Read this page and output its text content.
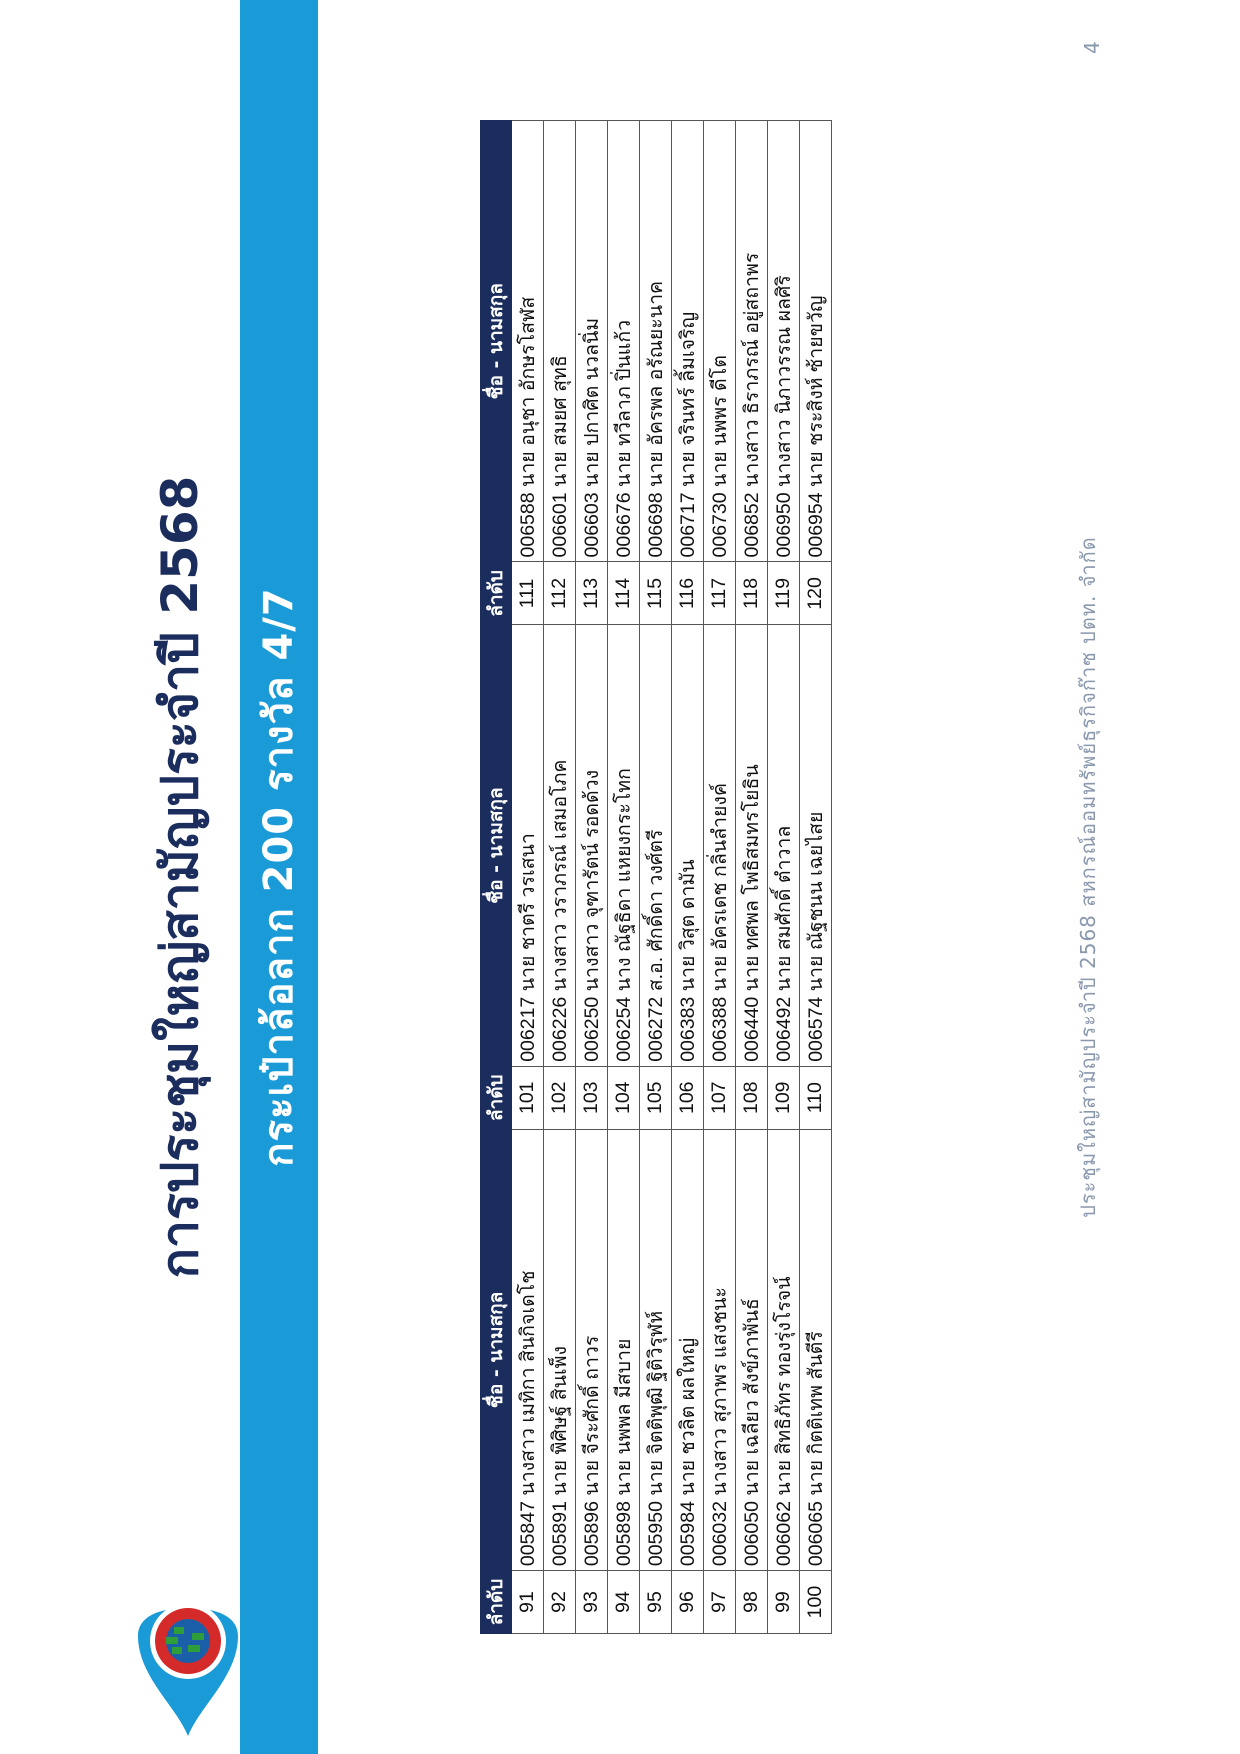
การประชุมใหญ่สามัญประจำปี 2568 กระเป๋าล้อลาก 200 รางวัล 4/7
ลำดับ	ชื่อ - นามสกุล	ลำดับ	ชื่อ - นามสกุล	ลำดับ	ชื่อ - นามสกุล
91	005847 นางสาว เมทิกา สินกิจเดโช	101	006217 นาย ชาตรี วรเสนา	111	006588 นาย อนุชา อักษรโสฬส
92	005891 นาย พิศิษฐ์ สินเพ็ง	102	006226 นางสาว วราภรณ์ เสมอโภค	112	006601 นาย สมยศ สุทธิ
93	005896 นาย จีระศักดิ์ ถาวร	103	006250 นางสาว จุฑารัตน์ รอดด้วง	113	006603 นาย ปกาศิต นวลนิ่ม
94	005898 นาย นพพล มีสบาย	104	006254 นาง ณัฐธิดา แหยงกระโทก	114	006676 นาย ทวีลาภ ปิ่นแก้ว
95	005950 นาย จิตติพุฒิ ฐิติวิรุฬห์	105	006272 ส.อ. ศักดิ์ดา วงศ์ตรี	115	006698 นาย อัครพล อรัณยะนาค
96	005984 นาย ชวลิต ผลใหญ่	106	006383 นาย วิสุต ดามัน	116	006717 นาย จรินทร์ ลิ้มเจริญ
97	006032 นางสาว สุภาพร แสงชนะ	107	006388 นาย อัครเดช กลิ่นลำยงค์	117	006730 นาย นพพร ดีโต
98	006050 นาย เฉลียว สังข์ภาพันธ์	108	006440 นาย ทศพล โพธิสมทรโยธิน	118	006852 นางสาว ธิราภรณ์ อยู่สถาพร
99	006062 นาย สิทธิภัทร ทองรุ่งโรจน์	109	006492 นาย สมศักดิ์ ตำวาล	119	006950 นางสาว นิภาวรรณ ผลศิริ
100	006065 นาย กิตติเทพ สันตีรี	110	006574 นาย ณัฐชนน เฉยไสย	120	006954 นาย ชระสิงห์ ซ้ายขวัญ
ประชุมใหญ่สามัญประจำปี 2568 สหกรณ์ออมทรัพย์ธุรกิจก๊าซ ปตท. จำกัด
4
